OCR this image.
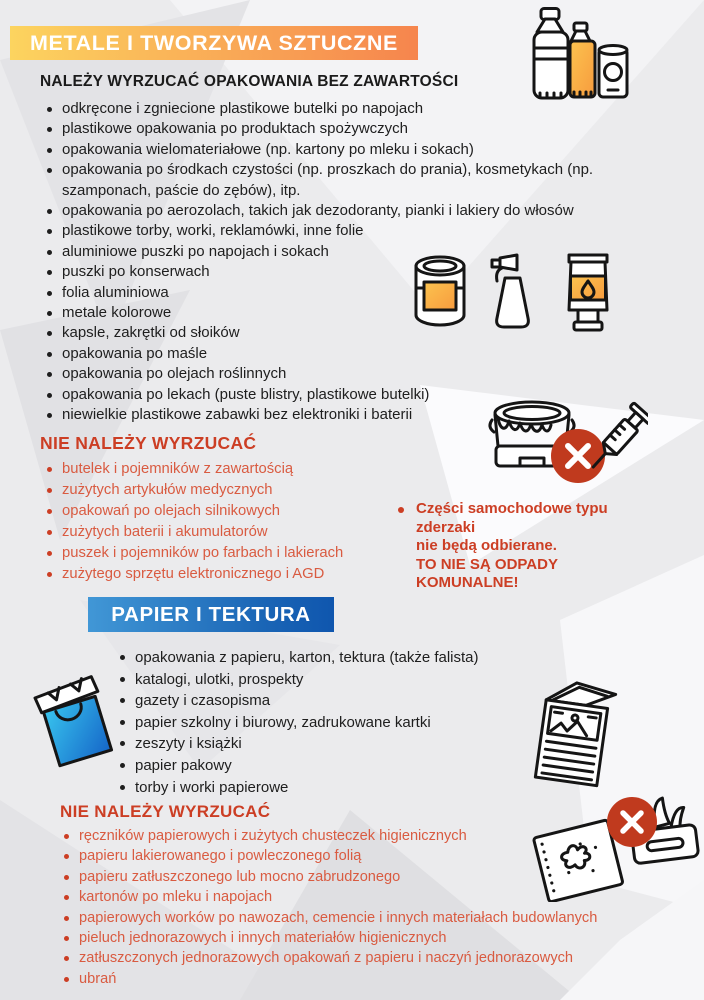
METALE I TWORZYWA SZTUCZNE
NALEŻY WYRZUCAĆ OPAKOWANIA BEZ ZAWARTOŚCI
odkręcone i zgniecione plastikowe butelki po napojach
plastikowe opakowania po produktach spożywczych
opakowania wielomateriałowe (np. kartony po mleku i sokach)
opakowania po środkach czystości (np. proszkach do prania), kosmetykach (np. szamponach, paście do zębów), itp.
opakowania po aerozolach, takich jak dezodoranty, pianki i lakiery do włosów
plastikowe torby, worki, reklamówki, inne folie
aluminiowe puszki po napojach i sokach
puszki po konserwach
folia aluminiowa
metale kolorowe
kapsle, zakrętki od słoików
opakowania po maśle
opakowania po olejach roślinnych
opakowania po lekach (puste blistry, plastikowe butelki)
niewielkie plastikowe zabawki bez elektroniki i baterii
NIE NALEŻY WYRZUCAĆ
butelek i pojemników z zawartością
zużytych artykułów medycznych
opakowań po olejach silnikowych
zużytych baterii i akumulatorów
puszek i pojemników po farbach i lakierach
zużytego sprzętu elektronicznego i AGD
Części samochodowe typu zderzaki
nie będą odbierane.
TO NIE SĄ ODPADY KOMUNALNE!
PAPIER I TEKTURA
opakowania z papieru, karton, tektura (także falista)
katalogi, ulotki, prospekty
gazety i czasopisma
papier szkolny i biurowy, zadrukowane kartki
zeszyty i książki
papier pakowy
torby i worki papierowe
NIE NALEŻY WYRZUCAĆ
ręczników papierowych i zużytych chusteczek higienicznych
papieru lakierowanego i powleczonego folią
papieru zatłuszczonego lub mocno zabrudzonego
kartonów po mleku i napojach
papierowych worków po nawozach, cemencie i innych materiałach budowlanych
pieluch jednorazowych i innych materiałów higienicznych
zatłuszczonych jednorazowych opakowań z papieru i naczyń jednorazowych
ubrań
